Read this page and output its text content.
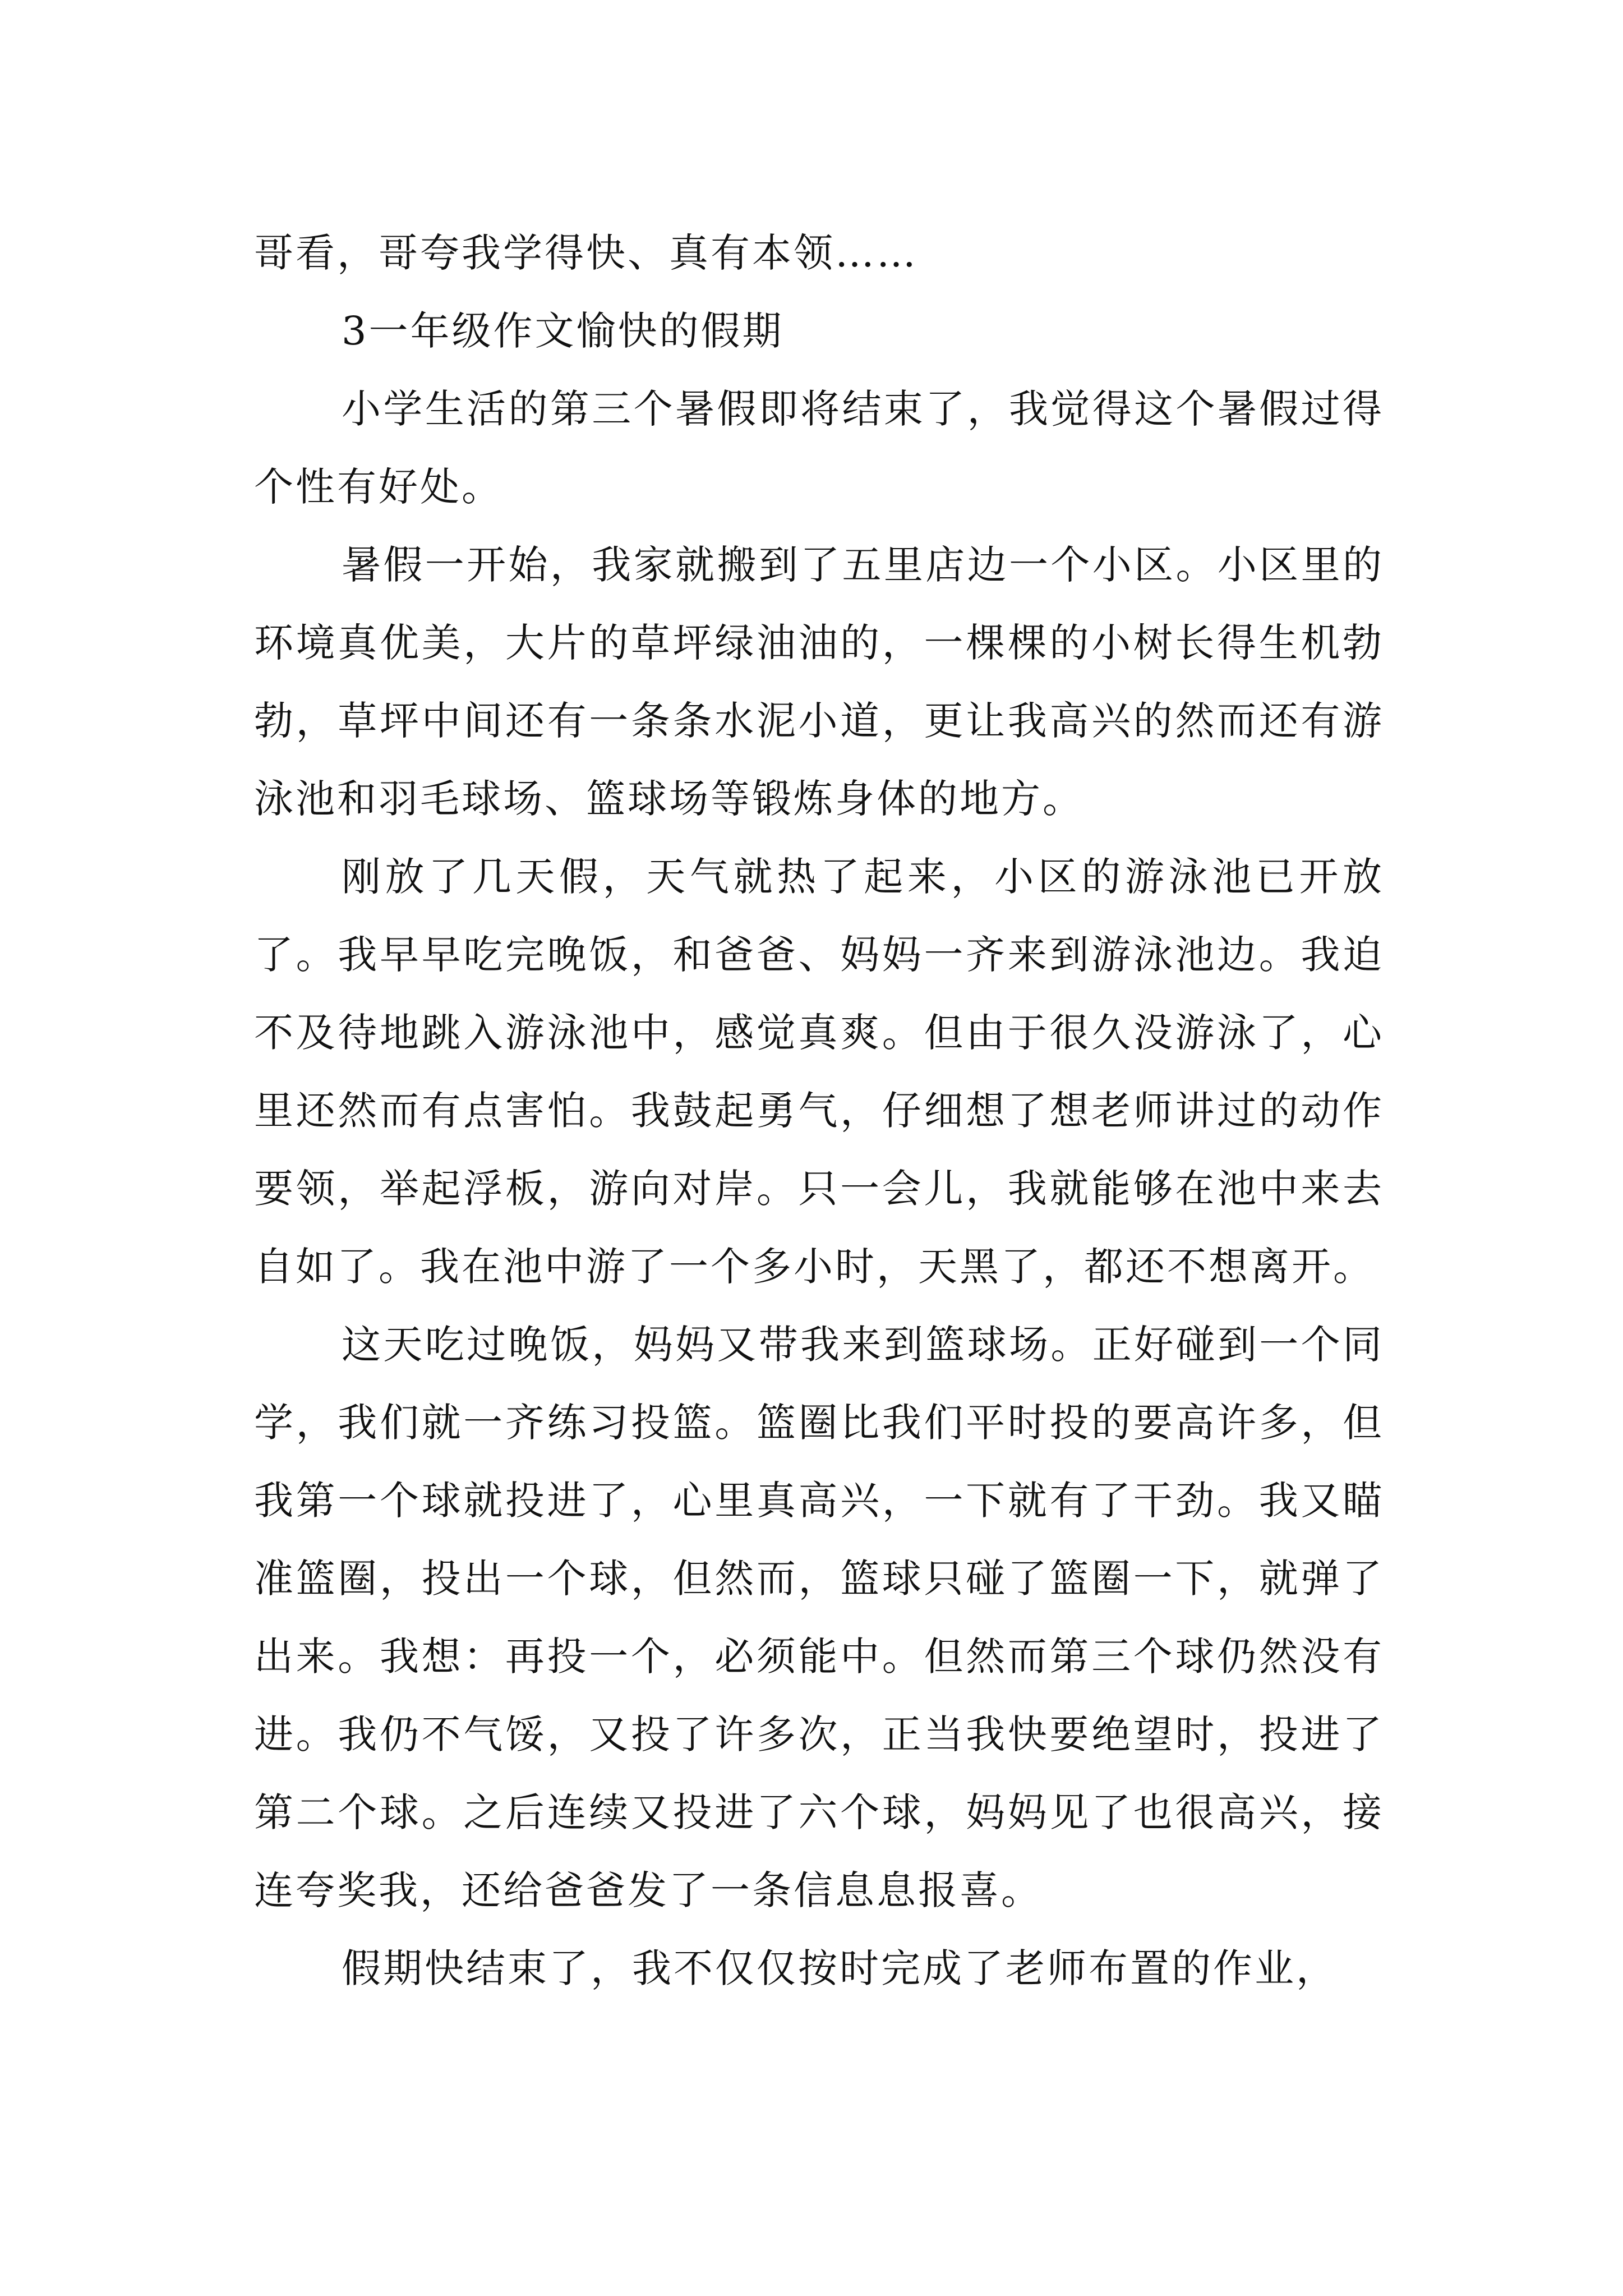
哥看，哥夸我学得快、真有本领……

3一年级作文愉快的假期

小学生活的第三个暑假即将结束了，我觉得这个暑假过得个性有好处。

暑假一开始，我家就搬到了五里店边一个小区。小区里的环境真优美，大片的草坪绿油油的，一棵棵的小树长得生机勃勃，草坪中间还有一条条水泥小道，更让我高兴的然而还有游泳池和羽毛球场、篮球场等锻炼身体的地方。

刚放了几天假，天气就热了起来，小区的游泳池已开放了。我早早吃完晚饭，和爸爸、妈妈一齐来到游泳池边。我迫不及待地跳入游泳池中，感觉真爽。但由于很久没游泳了，心里还然而有点害怕。我鼓起勇气，仔细想了想老师讲过的动作要领，举起浮板，游向对岸。只一会儿，我就能够在池中来去自如了。我在池中游了一个多小时，天黑了，都还不想离开。

这天吃过晚饭，妈妈又带我来到篮球场。正好碰到一个同学，我们就一齐练习投篮。篮圈比我们平时投的要高许多，但我第一个球就投进了，心里真高兴，一下就有了干劲。我又瞄准篮圈，投出一个球，但然而，篮球只碰了篮圈一下，就弹了出来。我想：再投一个，必须能中。但然而第三个球仍然没有进。我仍不气馁，又投了许多次，正当我快要绝望时，投进了第二个球。之后连续又投进了六个球，妈妈见了也很高兴，接连夸奖我，还给爸爸发了一条信息息报喜。

假期快结束了，我不仅仅按时完成了老师布置的作业，
